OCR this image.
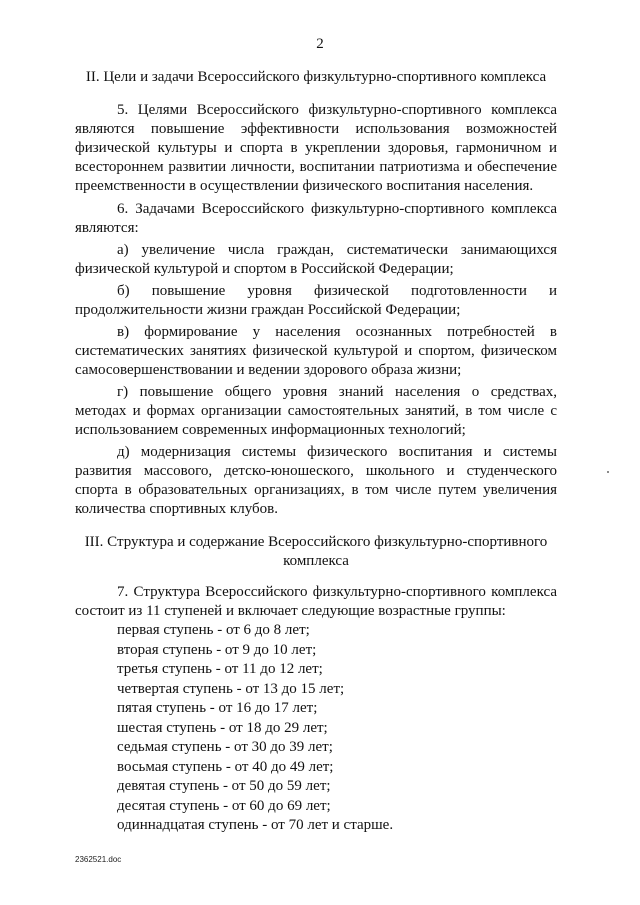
2

II. Цели и задачи Всероссийского физкультурно-спортивного комплекса

5. Целями Всероссийского физкультурно-спортивного комплекса являются повышение эффективности использования возможностей физической культуры и спорта в укреплении здоровья, гармоничном и всестороннем развитии личности, воспитании патриотизма и обеспечение преемственности в осуществлении физического воспитания населения.

6. Задачами Всероссийского физкультурно-спортивного комплекса являются:

а) увеличение числа граждан, систематически занимающихся физической культурой и спортом в Российской Федерации;

б) повышение уровня физической подготовленности и продолжительности жизни граждан Российской Федерации;

в) формирование у населения осознанных потребностей в систематических занятиях физической культурой и спортом, физическом самосовершенствовании и ведении здорового образа жизни;

г) повышение общего уровня знаний населения о средствах, методах и формах организации самостоятельных занятий, в том числе с использованием современных информационных технологий;

д) модернизация системы физического воспитания и системы развития массового, детско-юношеского, школьного и студенческого спорта в образовательных организациях, в том числе путем увеличения количества спортивных клубов.

III. Структура и содержание Всероссийского физкультурно-спортивного
комплекса

7. Структура Всероссийского физкультурно-спортивного комплекса состоит из 11 ступеней и включает следующие возрастные группы:

первая ступень - от 6 до 8 лет;
вторая ступень - от 9 до 10 лет;
третья ступень - от 11 до 12 лет;
четвертая ступень - от 13 до 15 лет;
пятая ступень - от 16 до 17 лет;
шестая ступень - от 18 до 29 лет;
седьмая ступень - от 30 до 39 лет;
восьмая ступень - от 40 до 49 лет;
девятая ступень - от 50 до 59 лет;
десятая ступень - от 60 до 69 лет;
одиннадцатая ступень - от 70 лет и старше.
2362521.doc
